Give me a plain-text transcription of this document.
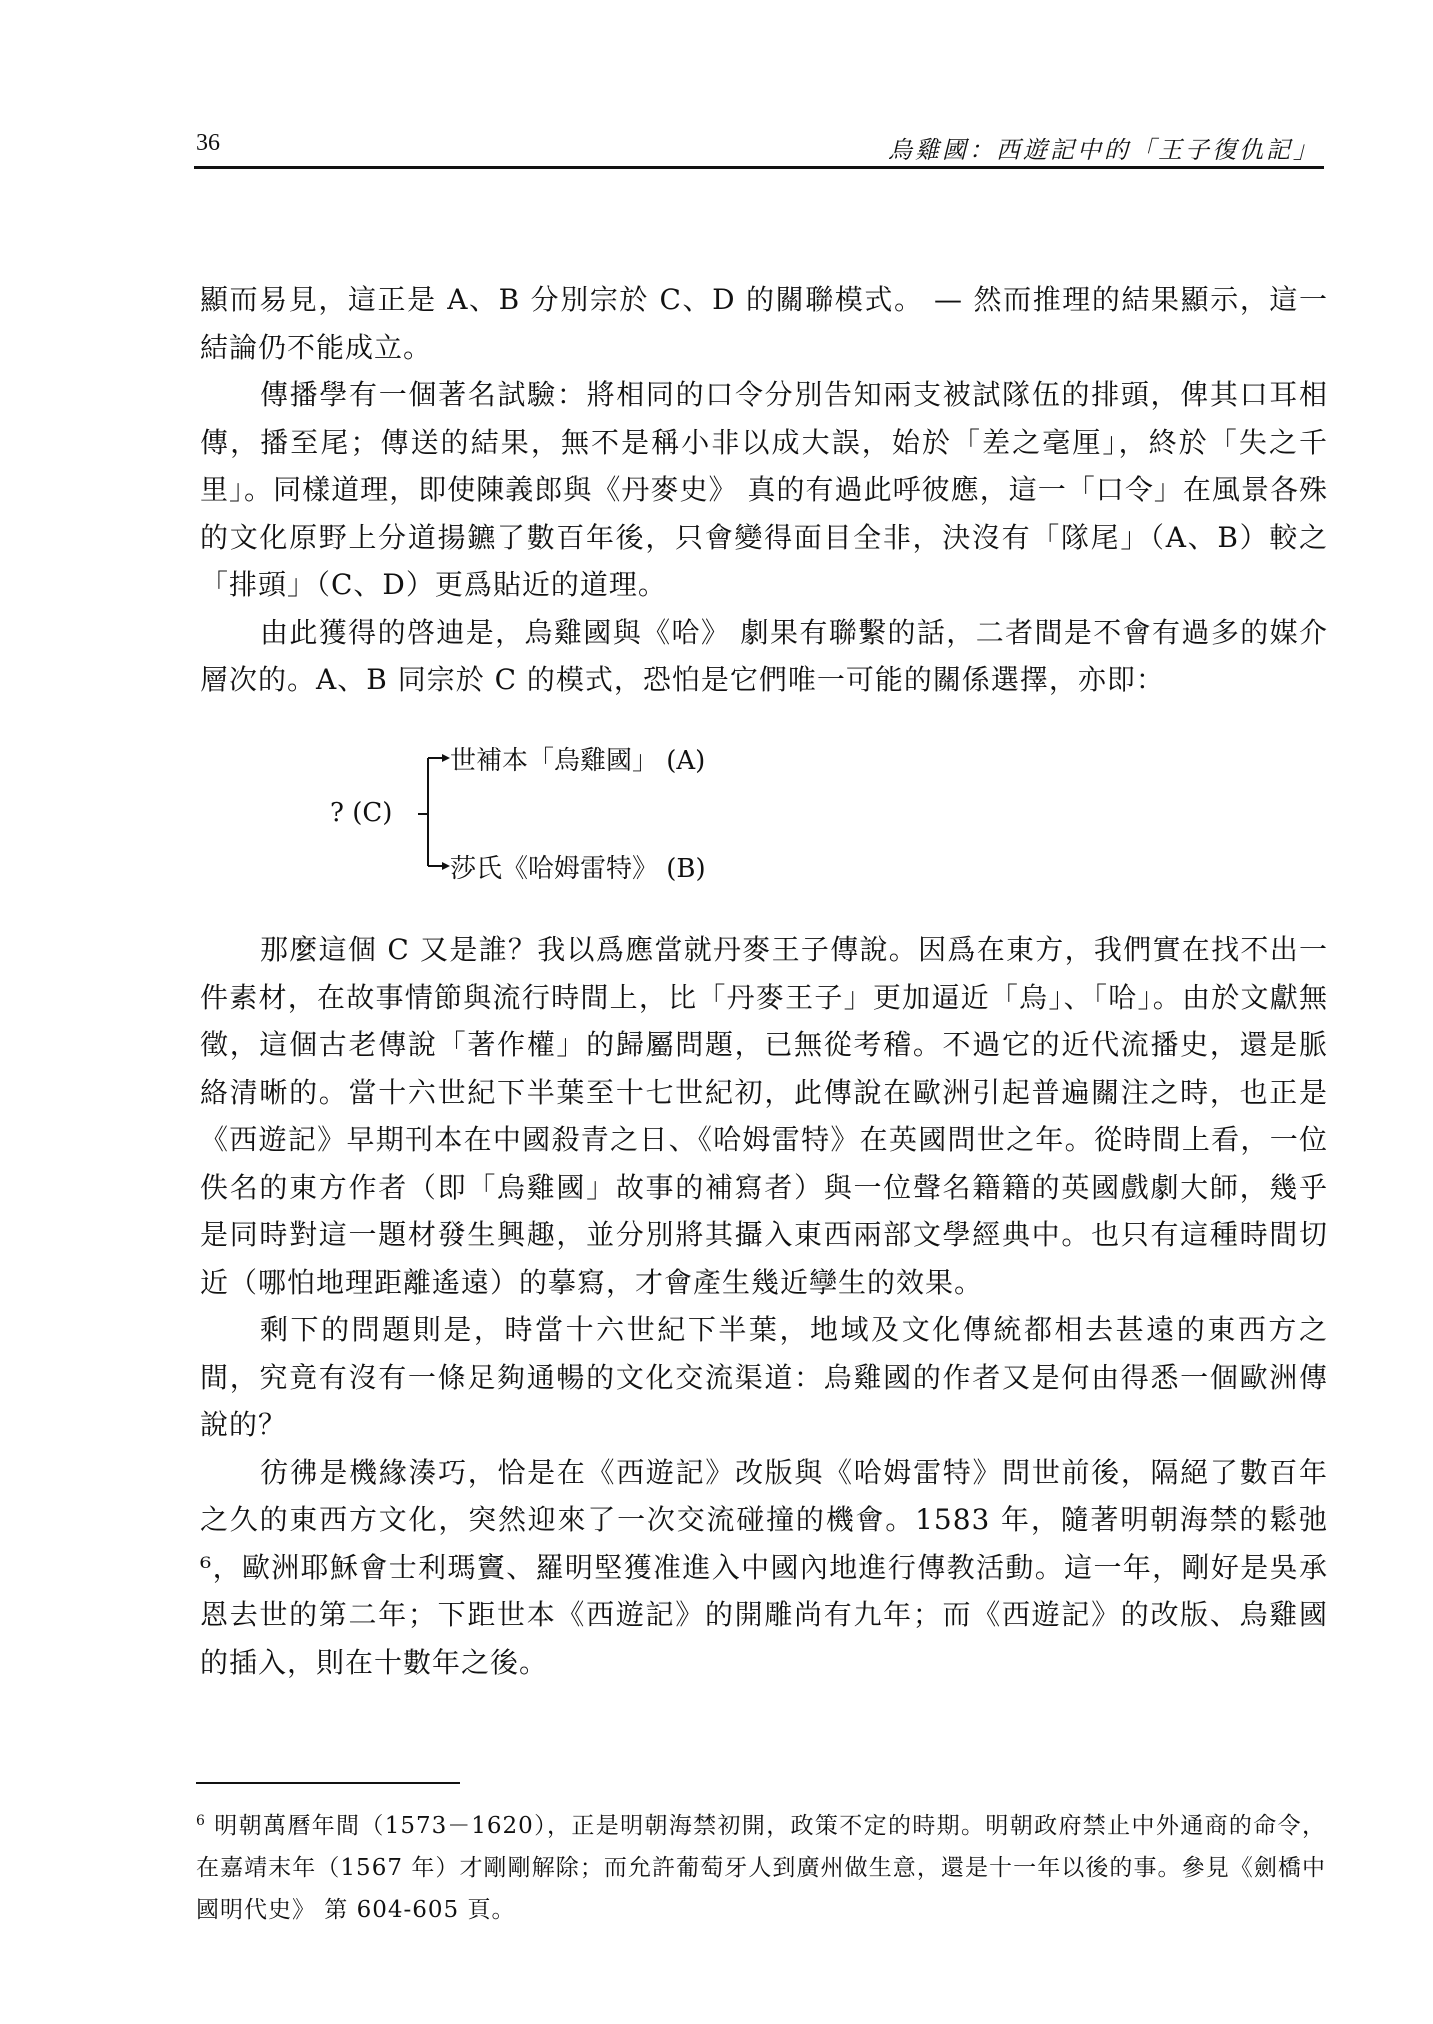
36	烏雞國：西遊記中的「王子復仇記」

顯而易見，這正是 A、B 分別宗於 C、D 的關聯模式。 — 然而推理的結果顯示，這一結論仍不能成立。

傳播學有一個著名試驗：將相同的口令分別告知兩支被試隊伍的排頭，俾其口耳相傳，播至尾；傳送的結果，無不是稱小非以成大誤，始於「差之毫厘」，終於「失之千里」。同樣道理，即使陳義郎與《丹麥史》 真的有過此呼彼應，這一「口令」在風景各殊的文化原野上分道揚鑣了數百年後，只會變得面目全非，決沒有「隊尾」（A、B）較之「排頭」（C、D）更爲貼近的道理。

由此獲得的啓迪是，烏雞國與《哈》 劇果有聯繫的話，二者間是不會有過多的媒介層次的。A、B 同宗於 C 的模式，恐怕是它們唯一可能的關係選擇，亦即：

? (C)
世補本「烏雞國」 (A)
莎氏《哈姆雷特》 (B)

那麼這個 C 又是誰？我以爲應當就丹麥王子傳說。因爲在東方，我們實在找不出一件素材，在故事情節與流行時間上，比「丹麥王子」更加逼近「烏」、「哈」。由於文獻無徵，這個古老傳說「著作權」的歸屬問題，已無從考稽。不過它的近代流播史，還是脈絡清晰的。當十六世紀下半葉至十七世紀初，此傳說在歐洲引起普遍關注之時，也正是《西遊記》早期刊本在中國殺青之日、《哈姆雷特》在英國問世之年。從時間上看，一位佚名的東方作者（即「烏雞國」故事的補寫者）與一位聲名籍籍的英國戲劇大師，幾乎是同時對這一題材發生興趣，並分別將其攝入東西兩部文學經典中。也只有這種時間切近（哪怕地理距離遙遠）的摹寫，才會產生幾近孿生的效果。

剩下的問題則是，時當十六世紀下半葉，地域及文化傳統都相去甚遠的東西方之間，究竟有沒有一條足夠通暢的文化交流渠道：烏雞國的作者又是何由得悉一個歐洲傳說的？

彷彿是機緣湊巧，恰是在《西遊記》改版與《哈姆雷特》問世前後，隔絕了數百年之久的東西方文化，突然迎來了一次交流碰撞的機會。1583 年，隨著明朝海禁的鬆弛⁶，歐洲耶穌會士利瑪竇、羅明堅獲准進入中國內地進行傳教活動。這一年，剛好是吳承恩去世的第二年；下距世本《西遊記》的開雕尚有九年；而《西遊記》的改版、烏雞國的插入，則在十數年之後。

$^6$ 明朝萬曆年間（1573－1620），正是明朝海禁初開，政策不定的時期。明朝政府禁止中外通商的命令，在嘉靖末年（1567 年）才剛剛解除；而允許葡萄牙人到廣州做生意，還是十一年以後的事。參見《劍橋中國明代史》 第 604-605 頁。
